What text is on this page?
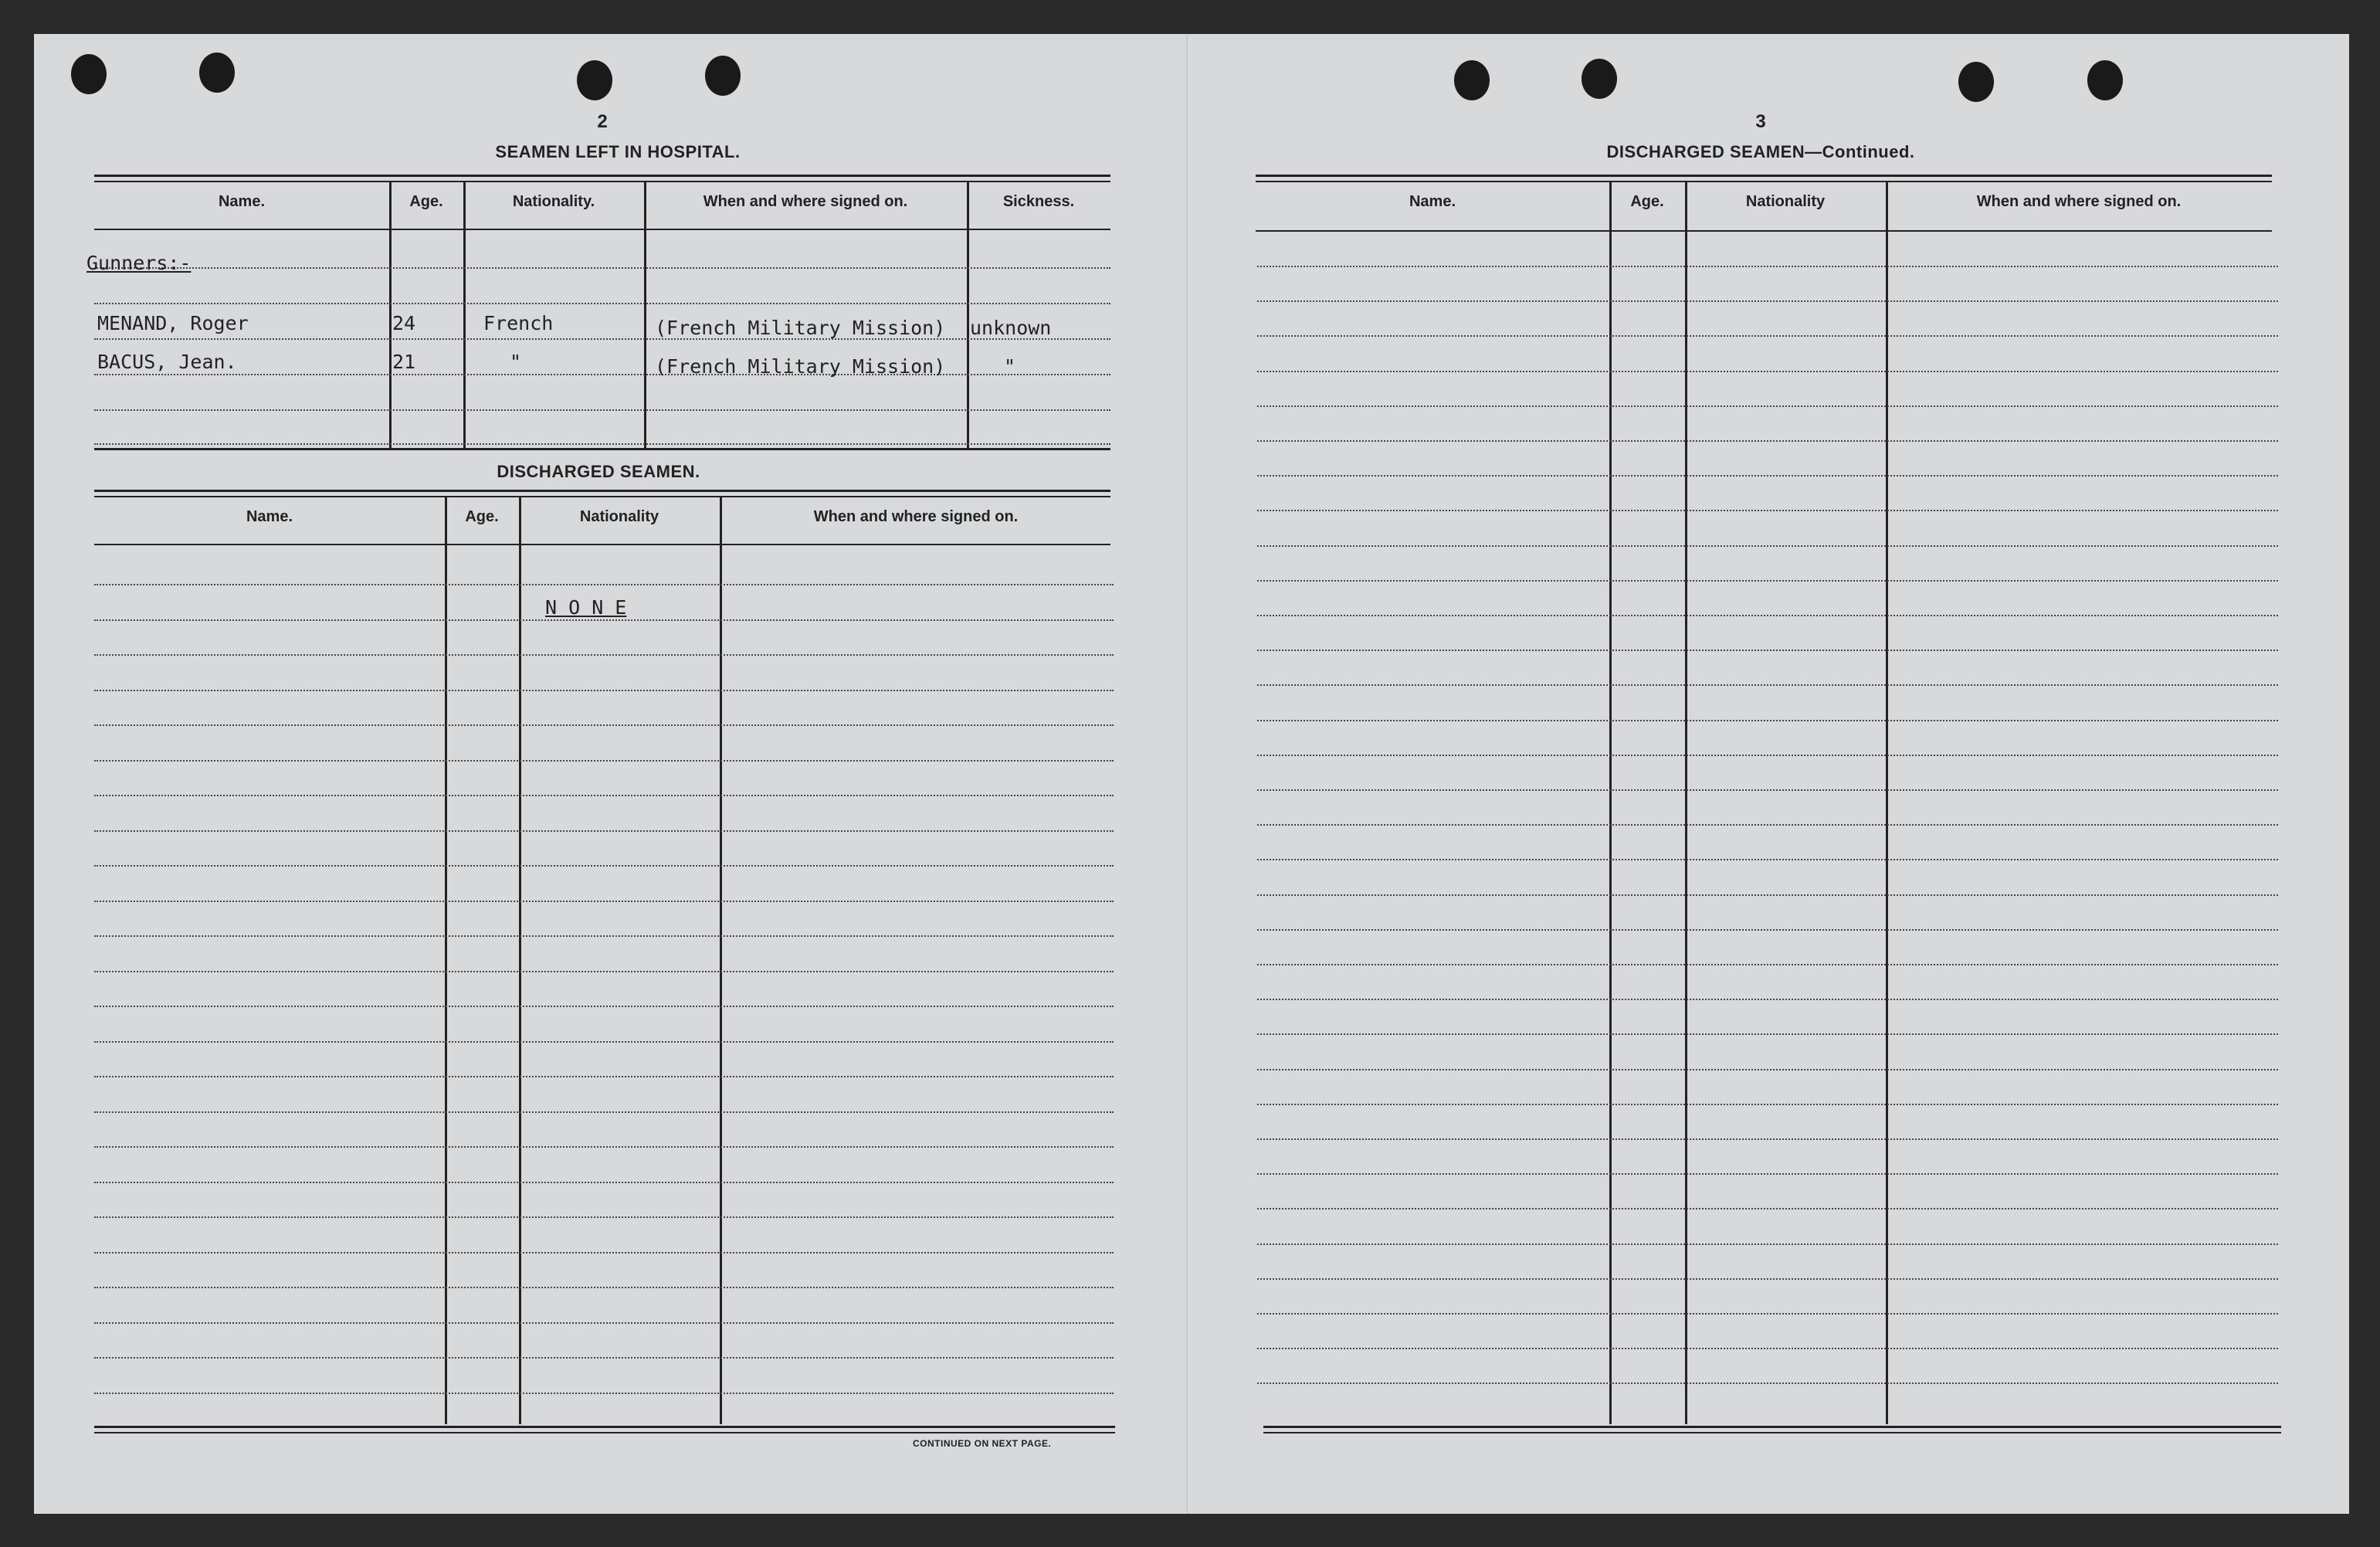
2
SEAMEN LEFT IN HOSPITAL.
Name.	Age.	Nationality.	When and where signed on.	Sickness.
Gunners:-
MENAND, Roger	24	French	(French Military Mission) unknown
BACUS, Jean.	21	"	(French Military Mission)	"
DISCHARGED SEAMEN.
Name.	Age.	Nationality	When and where signed on.
N O N E
CONTINUED ON NEXT PAGE.
3
DISCHARGED SEAMEN—Continued.
Name.	Age.	Nationality	When and where signed on.
